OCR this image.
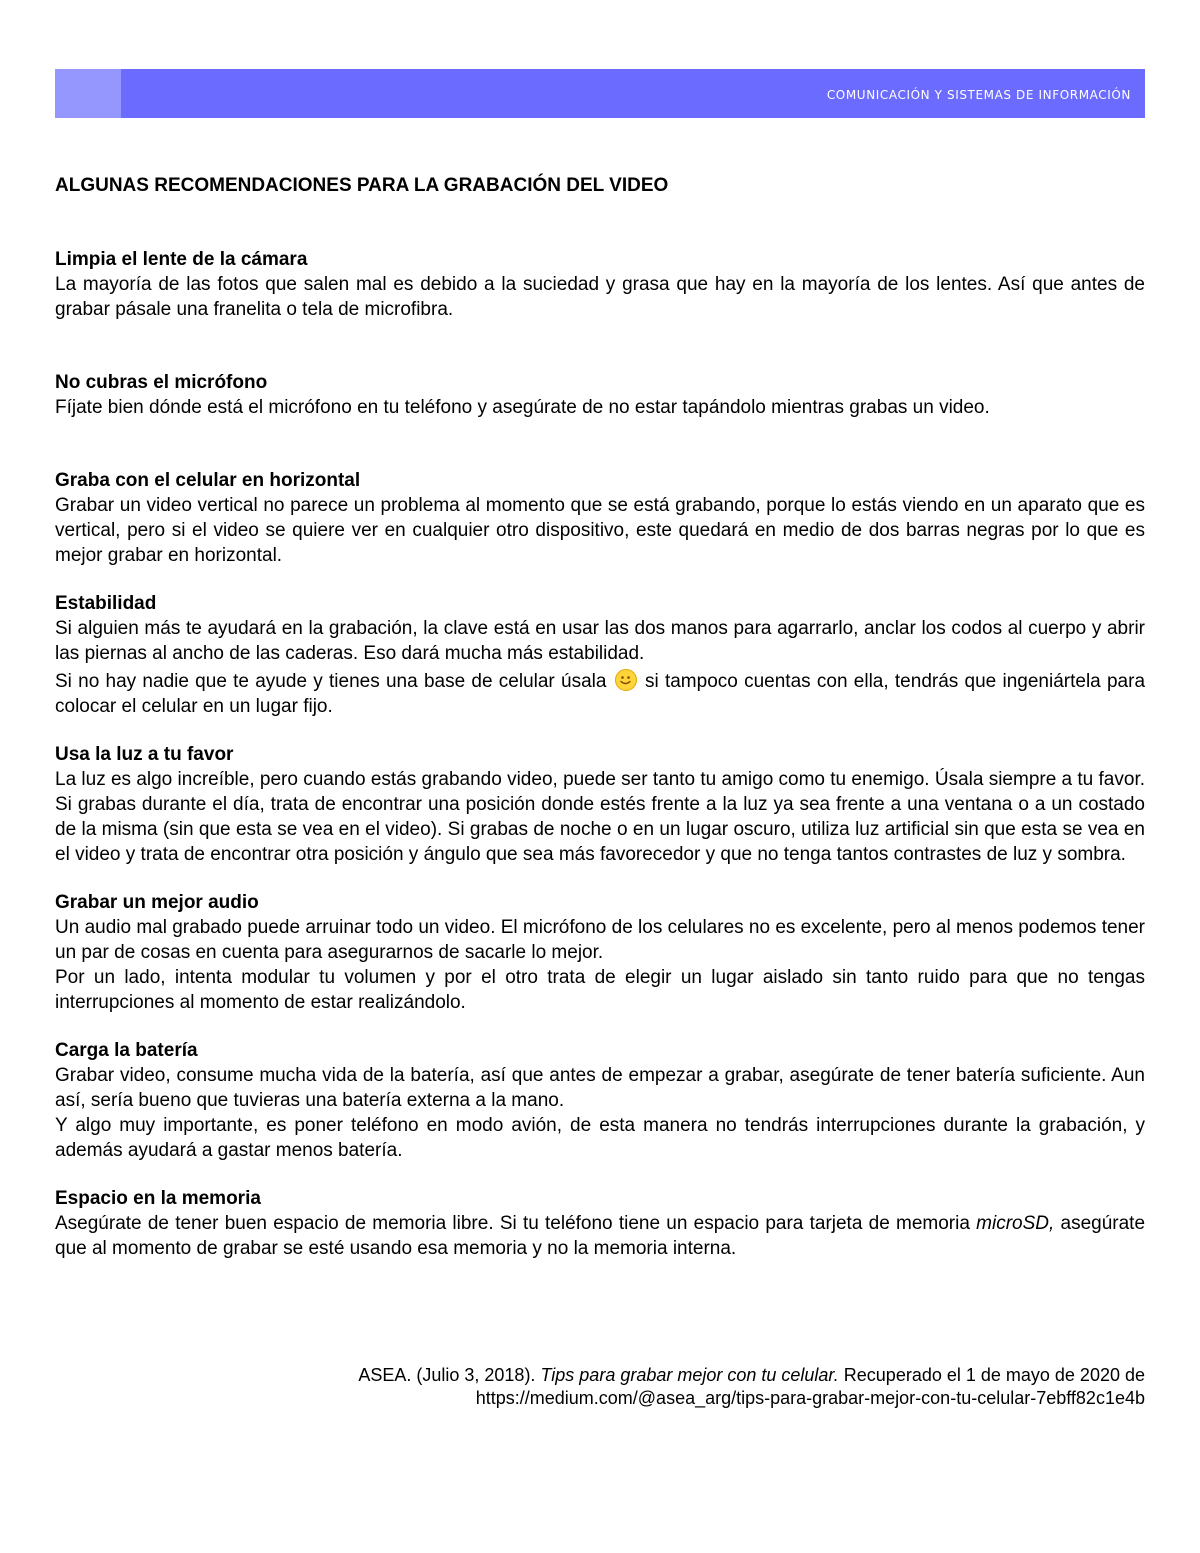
COMUNICACIÓN Y SISTEMAS DE INFORMACIÓN
ALGUNAS RECOMENDACIONES PARA LA GRABACIÓN DEL VIDEO
Limpia el lente de la cámara

La mayoría de las fotos que salen mal es debido a la suciedad y grasa que hay en la mayoría de los lentes. Así que antes de grabar pásale una franelita o tela de microfibra.

No cubras el micrófono

Fíjate bien dónde está el micrófono en tu teléfono y asegúrate de no estar tapándolo mientras grabas un video.

Graba con el celular en horizontal

Grabar un video vertical no parece un problema al momento que se está grabando, porque lo estás viendo en un aparato que es vertical, pero si el video se quiere ver en cualquier otro dispositivo, este quedará en medio de dos barras negras por lo que es mejor grabar en horizontal.

Estabilidad

Si alguien más te ayudará en la grabación, la clave está en usar las dos manos para agarrarlo, anclar los codos al cuerpo y abrir las piernas al ancho de las caderas. Eso dará mucha más estabilidad.

Si no hay nadie que te ayude y tienes una base de celular úsala si tampoco cuentas con ella, tendrás que ingeniártela para colocar el celular en un lugar fijo.

Usa la luz a tu favor

La luz es algo increíble, pero cuando estás grabando video, puede ser tanto tu amigo como tu enemigo. Úsala siempre a tu favor. Si grabas durante el día, trata de encontrar una posición donde estés frente a la luz ya sea frente a una ventana o a un costado de la misma (sin que esta se vea en el video). Si grabas de noche o en un lugar oscuro, utiliza luz artificial sin que esta se vea en el video y trata de encontrar otra posición y ángulo que sea más favorecedor y que no tenga tantos contrastes de luz y sombra.

Grabar un mejor audio

Un audio mal grabado puede arruinar todo un video. El micrófono de los celulares no es excelente, pero al menos podemos tener un par de cosas en cuenta para asegurarnos de sacarle lo mejor.

Por un lado, intenta modular tu volumen y por el otro trata de elegir un lugar aislado sin tanto ruido para que no tengas interrupciones al momento de estar realizándolo.

Carga la batería

Grabar video, consume mucha vida de la batería, así que antes de empezar a grabar, asegúrate de tener batería suficiente. Aun así, sería bueno que tuvieras una batería externa a la mano.

Y algo muy importante, es poner teléfono en modo avión, de esta manera no tendrás interrupciones durante la grabación, y además ayudará a gastar menos batería.

Espacio en la memoria

Asegúrate de tener buen espacio de memoria libre. Si tu teléfono tiene un espacio para tarjeta de memoria microSD, asegúrate que al momento de grabar se esté usando esa memoria y no la memoria interna.

ASEA. (Julio 3, 2018). Tips para grabar mejor con tu celular. Recuperado el 1 de mayo de 2020 de
https://medium.com/@asea_arg/tips-para-grabar-mejor-con-tu-celular-7ebff82c1e4b
